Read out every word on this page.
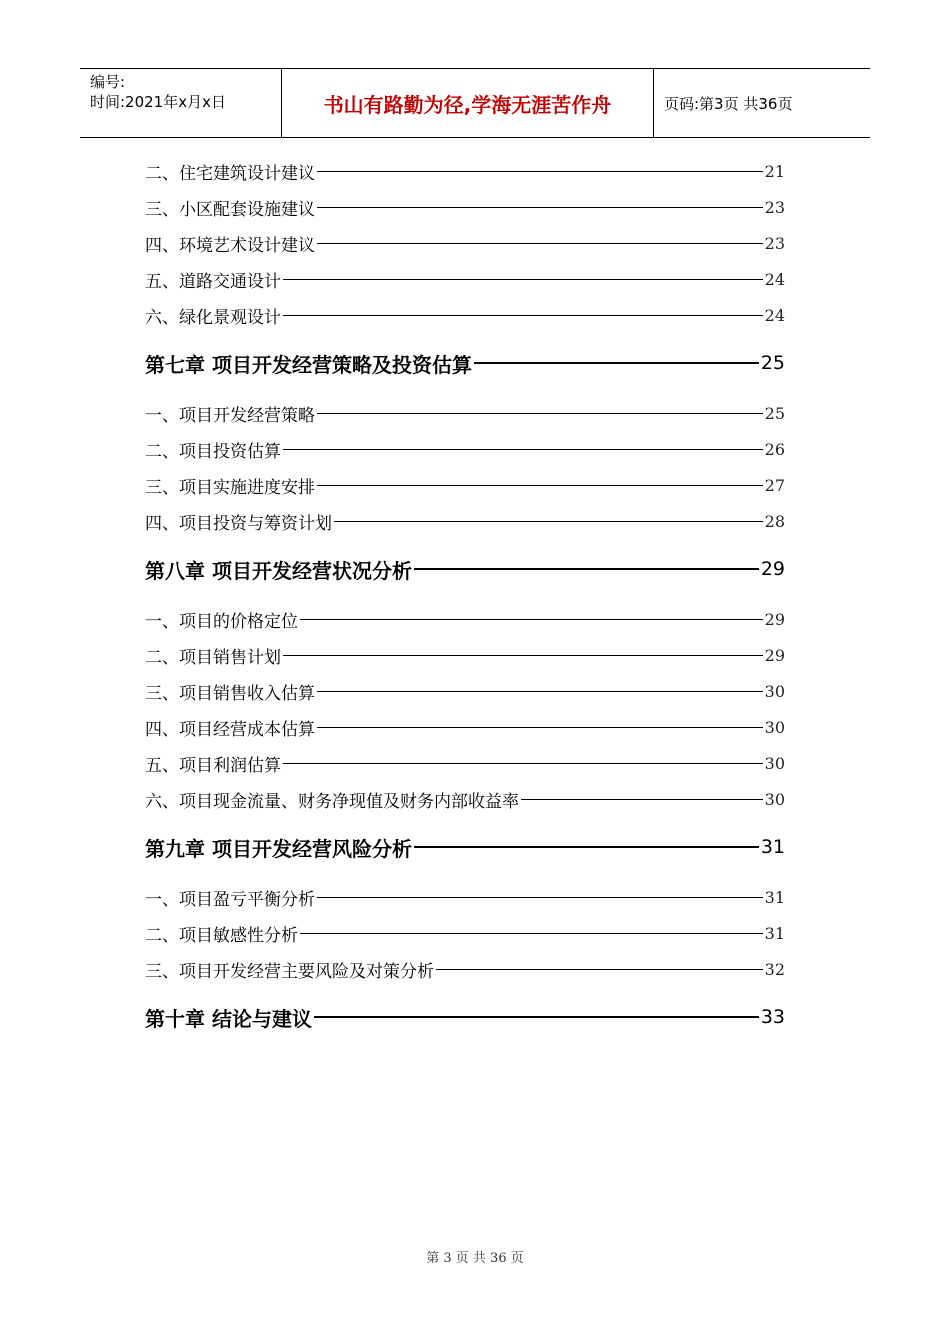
编号:
时间:2021年x月x日	书山有路勤为径,学海无涯苦作舟	页码:第3页 共36页
二、住宅建筑设计建议	21
三、小区配套设施建议	23
四、环境艺术设计建议	23
五、道路交通设计	24
六、绿化景观设计	24
第七章 项目开发经营策略及投资估算	25
一、项目开发经营策略	25
二、项目投资估算	26
三、项目实施进度安排	27
四、项目投资与筹资计划	28
第八章 项目开发经营状况分析	29
一、项目的价格定位	29
二、项目销售计划	29
三、项目销售收入估算	30
四、项目经营成本估算	30
五、项目利润估算	30
六、项目现金流量、财务净现值及财务内部收益率	30
第九章 项目开发经营风险分析	31
一、项目盈亏平衡分析	31
二、项目敏感性分析	31
三、项目开发经营主要风险及对策分析	32
第十章 结论与建议	33
第 3 页 共 36 页
